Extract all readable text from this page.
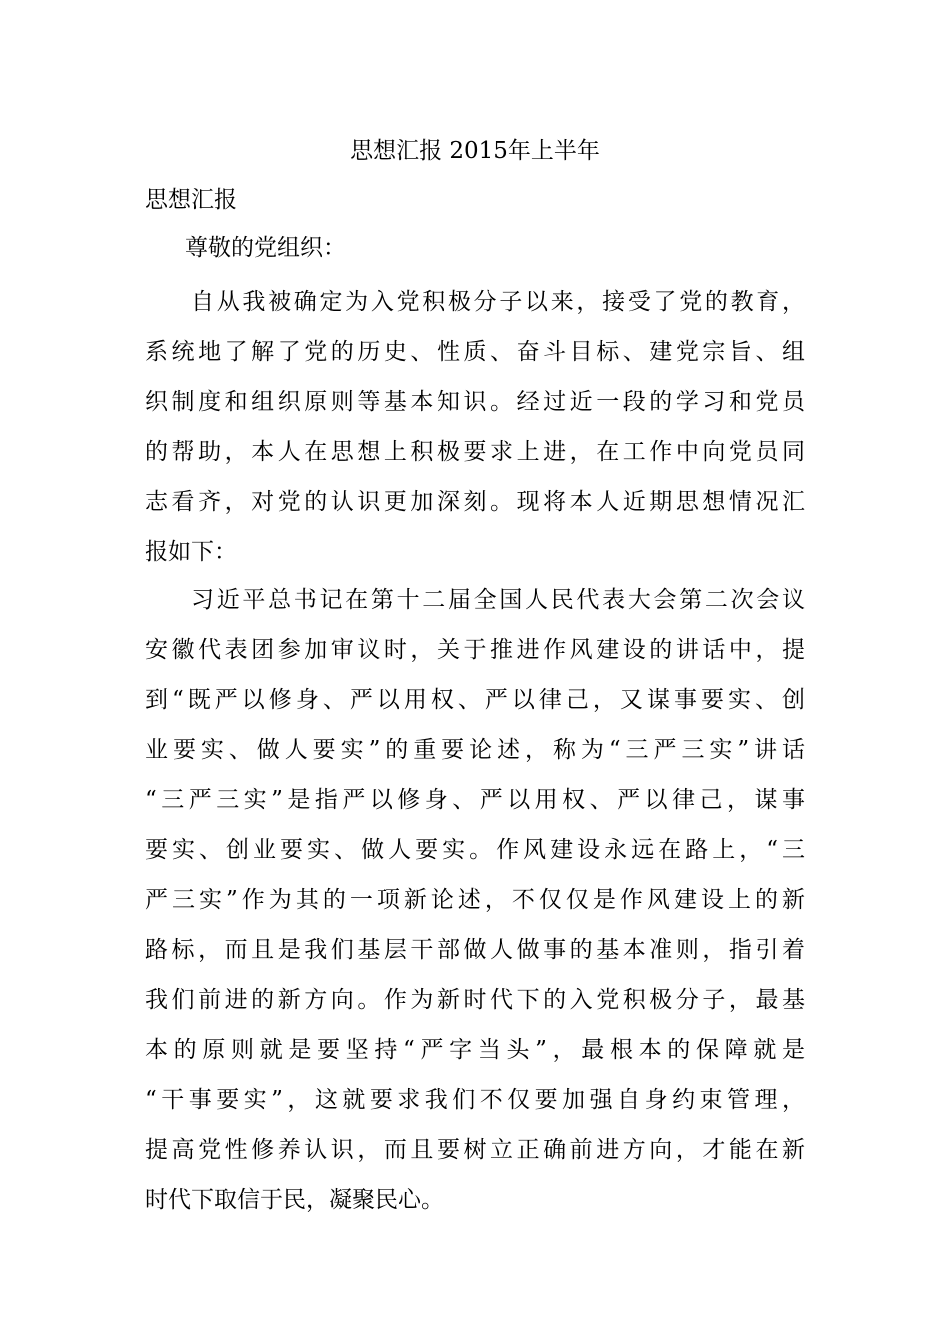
思想汇报 2015年上半年
思想汇报
尊敬的党组织：
自从我被确定为入党积极分子以来，接受了党的教育，
系统地了解了党的历史、性质、奋斗目标、建党宗旨、组
织制度和组织原则等基本知识。经过近一段的学习和党员
的帮助，本人在思想上积极要求上进，在工作中向党员同
志看齐，对党的认识更加深刻。现将本人近期思想情况汇
报如下：
习近平总书记在第十二届全国人民代表大会第二次会议
安徽代表团参加审议时，关于推进作风建设的讲话中，提
到“既严以修身、严以用权、严以律己，又谋事要实、创
业要实、做人要实”的重要论述，称为“三严三实”讲话
“三严三实”是指严以修身、严以用权、严以律己，谋事
要实、创业要实、做人要实。作风建设永远在路上，“三
严三实”作为其的一项新论述，不仅仅是作风建设上的新
路标，而且是我们基层干部做人做事的基本准则，指引着
我们前进的新方向。作为新时代下的入党积极分子，最基
本的原则就是要坚持“严字当头”，最根本的保障就是
“干事要实”，这就要求我们不仅要加强自身约束管理，
提高党性修养认识，而且要树立正确前进方向，才能在新
时代下取信于民，凝聚民心。
